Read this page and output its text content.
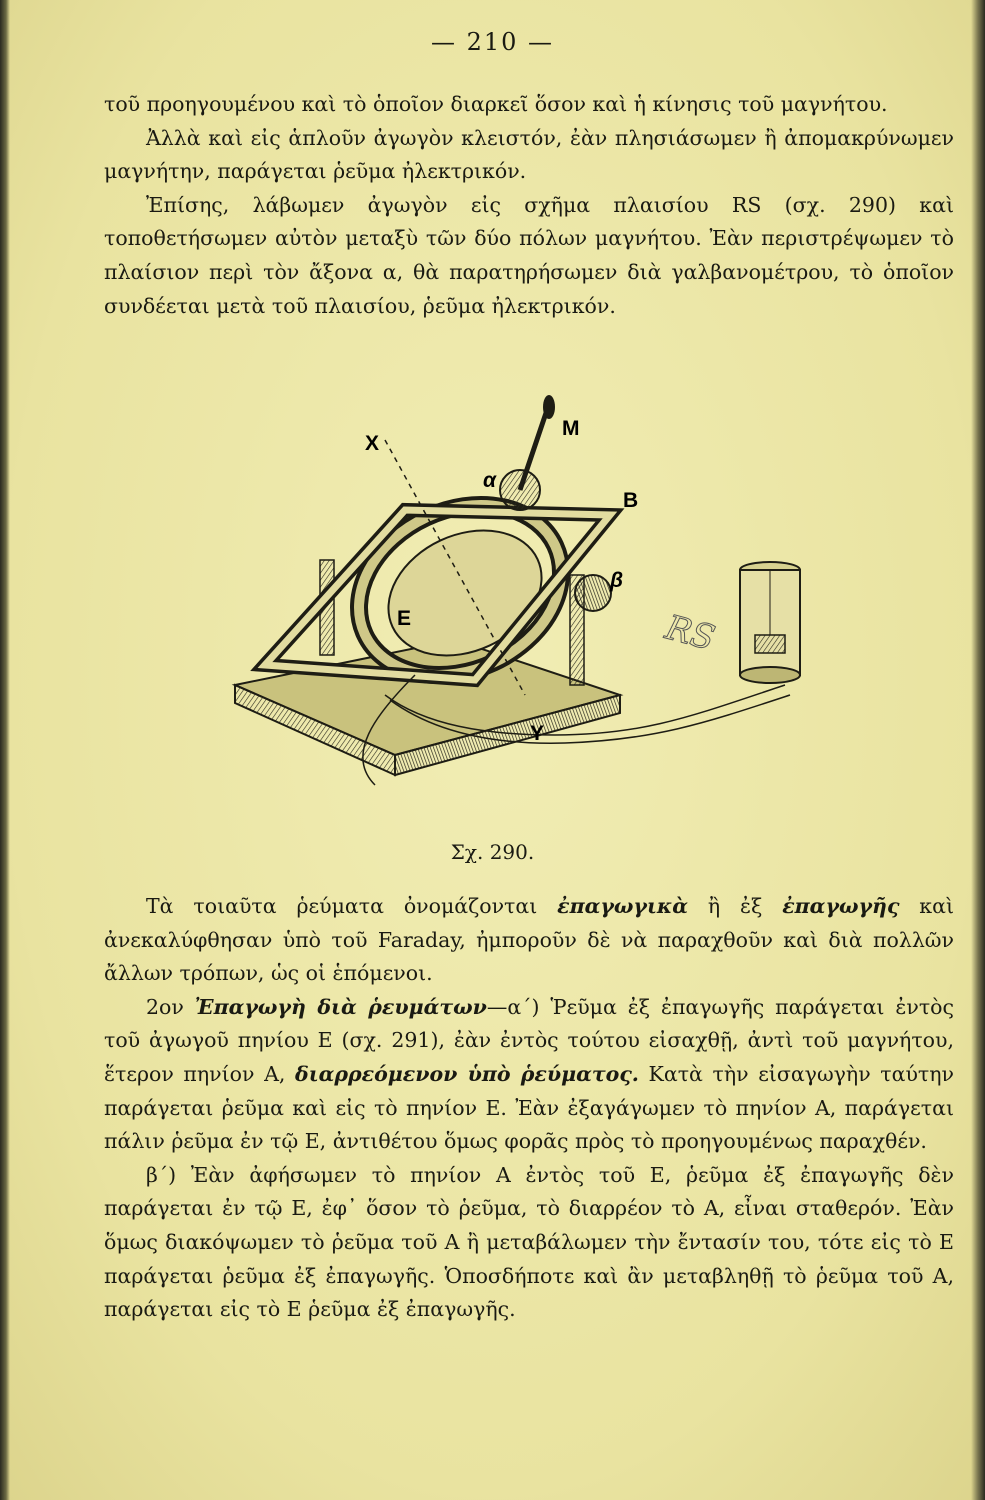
— 210 —

τοῦ προηγουμένου καὶ τὸ ὁποῖον διαρκεῖ ὅσον καὶ ἡ κίνησις τοῦ μαγνήτου.

Ἀλλὰ καὶ εἰς ἁπλοῦν ἀγωγὸν κλειστόν, ἐὰν πλησιάσωμεν ἢ ἀπομακρύνωμεν μαγνήτην, παράγεται ῥεῦμα ἠλεκτρικόν.

Ἐπίσης, λάβωμεν ἀγωγὸν εἰς σχῆμα πλαισίου RS (σχ. 290) καὶ τοποθετήσωμεν αὐτὸν μεταξὺ τῶν δύο πόλων μαγνήτου. Ἐὰν περιστρέψωμεν τὸ πλαίσιον περὶ τὸν ἄξονα α, θὰ παρατηρήσωμεν διὰ γαλβανομέτρου, τὸ ὁποῖον συνδέεται μετὰ τοῦ πλαισίου, ῥεῦμα ἠλεκτρικόν.

X
M
B
E
α
β
Y
RS
Σχ. 290.

Τὰ τοιαῦτα ῥεύματα ὀνομάζονται ἐπαγωγικὰ ἢ ἐξ ἐπαγωγῆς καὶ ἀνεκαλύφθησαν ὑπὸ τοῦ Faraday, ἠμποροῦν δὲ νὰ παραχθοῦν καὶ διὰ πολλῶν ἄλλων τρόπων, ὡς οἱ ἑπόμενοι.

2ον Ἐπαγωγὴ διὰ ῥευμάτων—α΄) Ῥεῦμα ἐξ ἐπαγωγῆς παράγεται ἐντὸς τοῦ ἀγωγοῦ πηνίου E (σχ. 291), ἐὰν ἐντὸς τούτου εἰσαχθῇ, ἀντὶ τοῦ μαγνήτου, ἕτερον πηνίον A, διαρρεόμενον ὑπὸ ῥεύματος. Κατὰ τὴν εἰσαγωγὴν ταύτην παράγεται ῥεῦμα καὶ εἰς τὸ πηνίον E. Ἐὰν ἐξαγάγωμεν τὸ πηνίον A, παράγεται πάλιν ῥεῦμα ἐν τῷ E, ἀντιθέτου ὅμως φορᾶς πρὸς τὸ προηγουμένως παραχθέν.

β΄) Ἐὰν ἀφήσωμεν τὸ πηνίον A ἐντὸς τοῦ E, ῥεῦμα ἐξ ἐπαγωγῆς δὲν παράγεται ἐν τῷ E, ἐφ᾽ ὅσον τὸ ῥεῦμα, τὸ διαρρέον τὸ A, εἶναι σταθερόν. Ἐὰν ὅμως διακόψωμεν τὸ ῥεῦμα τοῦ A ἢ μεταβάλωμεν τὴν ἔντασίν του, τότε εἰς τὸ E παράγεται ῥεῦμα ἐξ ἐπαγωγῆς. Ὁποσδήποτε καὶ ἂν μεταβληθῇ τὸ ῥεῦμα τοῦ A, παράγεται εἰς τὸ E ῥεῦμα ἐξ ἐπαγωγῆς.
